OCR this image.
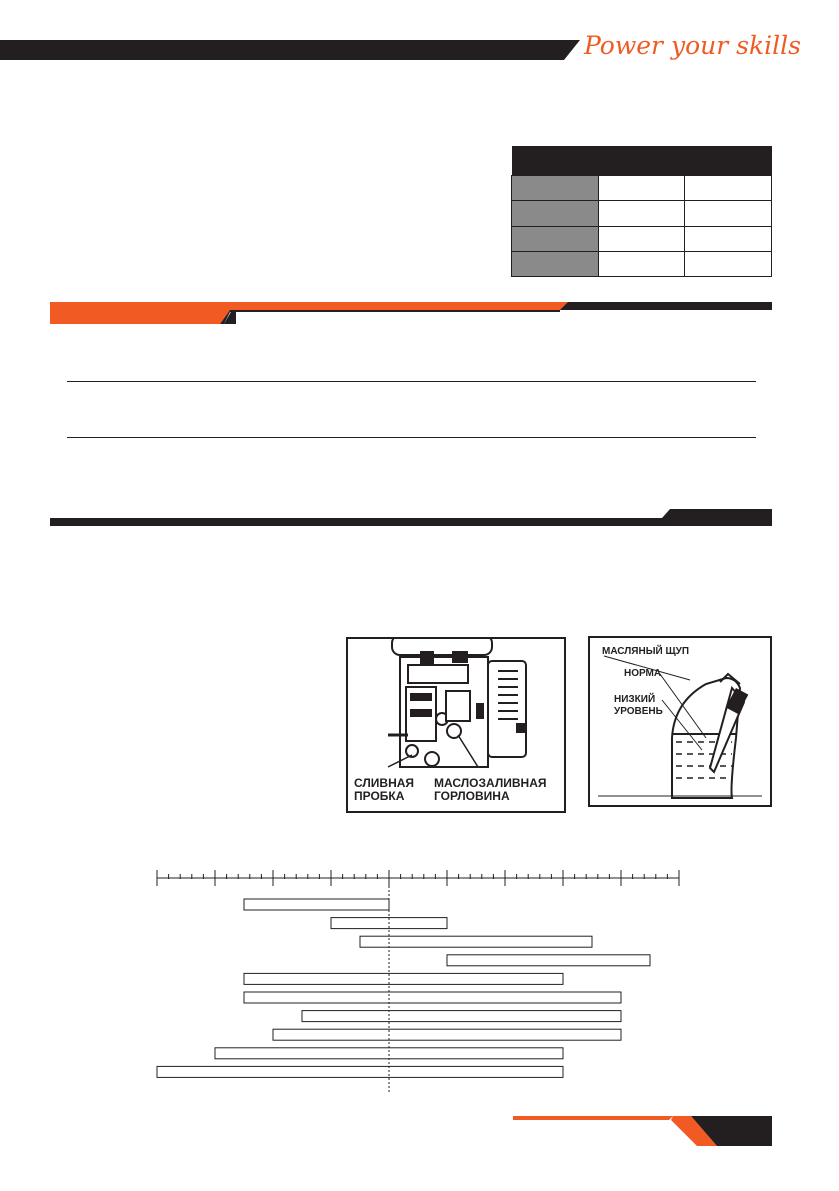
Power your skills

СЛИВНАЯ
ПРОБКА
МАСЛОЗАЛИВНАЯ
ГОРЛОВИНА
МАСЛЯНЫЙ ЩУП
НОРМА
НИЗКИЙ
УРОВЕНЬ
